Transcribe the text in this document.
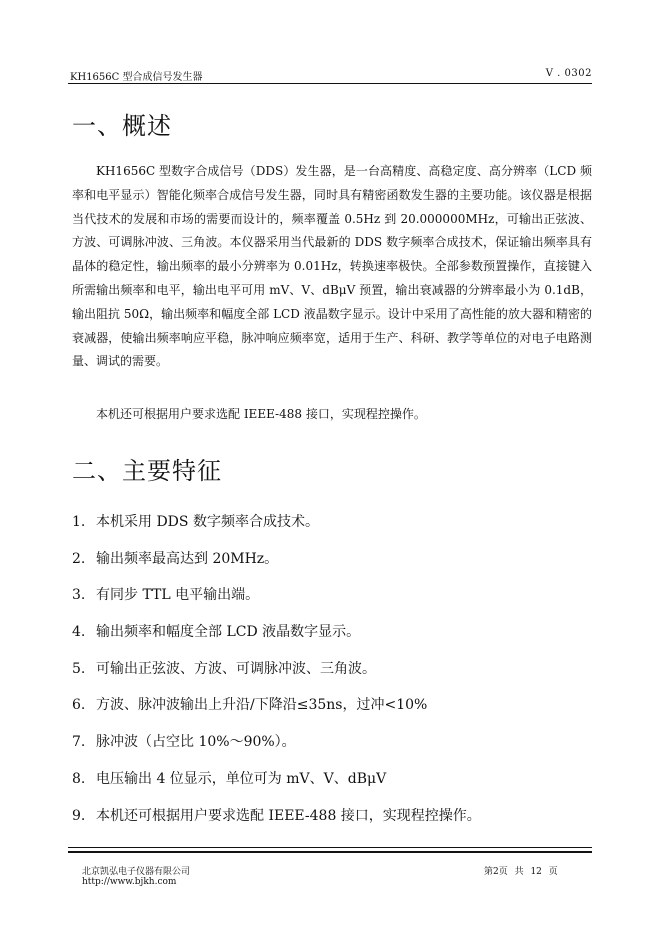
KH1656C 型合成信号发生器	V . 0302
一、概述

KH1656C 型数字合成信号（DDS）发生器，是一台高精度、高稳定度、高分辨率（LCD 频率和电平显示）智能化频率合成信号发生器，同时具有精密函数发生器的主要功能。该仪器是根据当代技术的发展和市场的需要而设计的，频率覆盖 0.5Hz 到 20.000000MHz，可输出正弦波、方波、可调脉冲波、三角波。本仪器采用当代最新的 DDS 数字频率合成技术，保证输出频率具有晶体的稳定性，输出频率的最小分辨率为 0.01Hz，转换速率极快。全部参数预置操作，直接键入所需输出频率和电平，输出电平可用 mV、V、dBμV 预置，输出衰减器的分辨率最小为 0.1dB，输出阻抗 50Ω，输出频率和幅度全部 LCD 液晶数字显示。设计中采用了高性能的放大器和精密的衰减器，使输出频率响应平稳，脉冲响应频率宽，适用于生产、科研、教学等单位的对电子电路测量、调试的需要。

本机还可根据用户要求选配 IEEE-488 接口，实现程控操作。

二、主要特征
1. 本机采用 DDS 数字频率合成技术。
2. 输出频率最高达到 20MHz。
3. 有同步 TTL 电平输出端。
4. 输出频率和幅度全部 LCD 液晶数字显示。
5. 可输出正弦波、方波、可调脉冲波、三角波。
6. 方波、脉冲波输出上升沿/下降沿≤35ns，过冲<10%
7. 脉冲波（占空比 10%～90%）。
8. 电压输出 4 位显示，单位可为 mV、V、dBμV
9. 本机还可根据用户要求选配 IEEE-488 接口，实现程控操作。
北京凯弘电子仪器有限公司
http://www.bjkh.com
第2页 共 12 页
